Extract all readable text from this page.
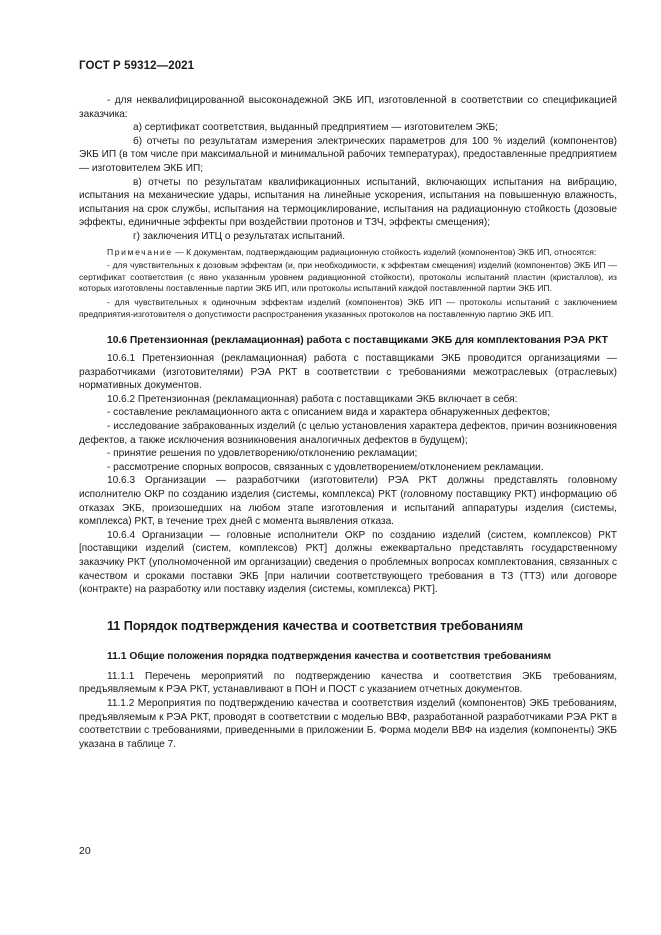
ГОСТ Р 59312—2021

- для неквалифицированной высоконадежной ЭКБ ИП, изготовленной в соответствии со спецификацией заказчика:

а) сертификат соответствия, выданный предприятием — изготовителем ЭКБ;

б) отчеты по результатам измерения электрических параметров для 100 % изделий (компонентов) ЭКБ ИП (в том числе при максимальной и минимальной рабочих температурах), предоставленные предприятием — изготовителем ЭКБ ИП;

в) отчеты по результатам квалификационных испытаний, включающих испытания на вибрацию, испытания на механические удары, испытания на линейные ускорения, испытания на повышенную влажность, испытания на срок службы, испытания на термоциклирование, испытания на радиационную стойкость (дозовые эффекты, единичные эффекты при воздействии протонов и ТЗЧ, эффекты смещения);

г) заключения ИТЦ о результатах испытаний.

Примечание — К документам, подтверждающим радиационную стойкость изделий (компонентов) ЭКБ ИП, относятся:

- для чувствительных к дозовым эффектам (и, при необходимости, к эффектам смещения) изделий (компонентов) ЭКБ ИП — сертификат соответствия (с явно указанным уровнем радиационной стойкости), протоколы испытаний пластин (кристаллов), из которых изготовлены поставленные партии ЭКБ ИП, или протоколы испытаний каждой поставленной партии ЭКБ ИП.

- для чувствительных к одиночным эффектам изделий (компонентов) ЭКБ ИП — протоколы испытаний с заключением предприятия-изготовителя о допустимости распространения указанных протоколов на поставленную партию ЭКБ ИП.

10.6 Претензионная (рекламационная) работа с поставщиками ЭКБ для комплектования РЭА РКТ

10.6.1 Претензионная (рекламационная) работа с поставщиками ЭКБ проводится организациями — разработчиками (изготовителями) РЭА РКТ в соответствии с требованиями межотраслевых (отраслевых) нормативных документов.

10.6.2 Претензионная (рекламационная) работа с поставщиками ЭКБ включает в себя:

- составление рекламационного акта с описанием вида и характера обнаруженных дефектов;

- исследование забракованных изделий (с целью установления характера дефектов, причин возникновения дефектов, а также исключения возникновения аналогичных дефектов в будущем);

- принятие решения по удовлетворению/отклонению рекламации;

- рассмотрение спорных вопросов, связанных с удовлетворением/отклонением рекламации.

10.6.3 Организации — разработчики (изготовители) РЭА РКТ должны представлять головному исполнителю ОКР по созданию изделия (системы, комплекса) РКТ (головному поставщику РКТ) информацию об отказах ЭКБ, произошедших на любом этапе изготовления и испытаний аппаратуры изделия (системы, комплекса) РКТ, в течение трех дней с момента выявления отказа.

10.6.4 Организации — головные исполнители ОКР по созданию изделий (систем, комплексов) РКТ [поставщики изделий (систем, комплексов) РКТ] должны ежеквартально представлять государственному заказчику РКТ (уполномоченной им организации) сведения о проблемных вопросах комплектования, связанных с качеством и сроками поставки ЭКБ [при наличии соответствующего требования в ТЗ (ТТЗ) или договоре (контракте) на разработку или поставку изделия (системы, комплекса) РКТ].

11 Порядок подтверждения качества и соответствия требованиям

11.1 Общие положения порядка подтверждения качества и соответствия требованиям

11.1.1 Перечень мероприятий по подтверждению качества и соответствия ЭКБ требованиям, предъявляемым к РЭА РКТ, устанавливают в ПОН и ПОСТ с указанием отчетных документов.

11.1.2 Мероприятия по подтверждению качества и соответствия изделий (компонентов) ЭКБ требованиям, предъявляемым к РЭА РКТ, проводят в соответствии с моделью ВВФ, разработанной разработчиками РЭА РКТ в соответствии с требованиями, приведенными в приложении Б. Форма модели ВВФ на изделия (компоненты) ЭКБ указана в таблице 7.

20
